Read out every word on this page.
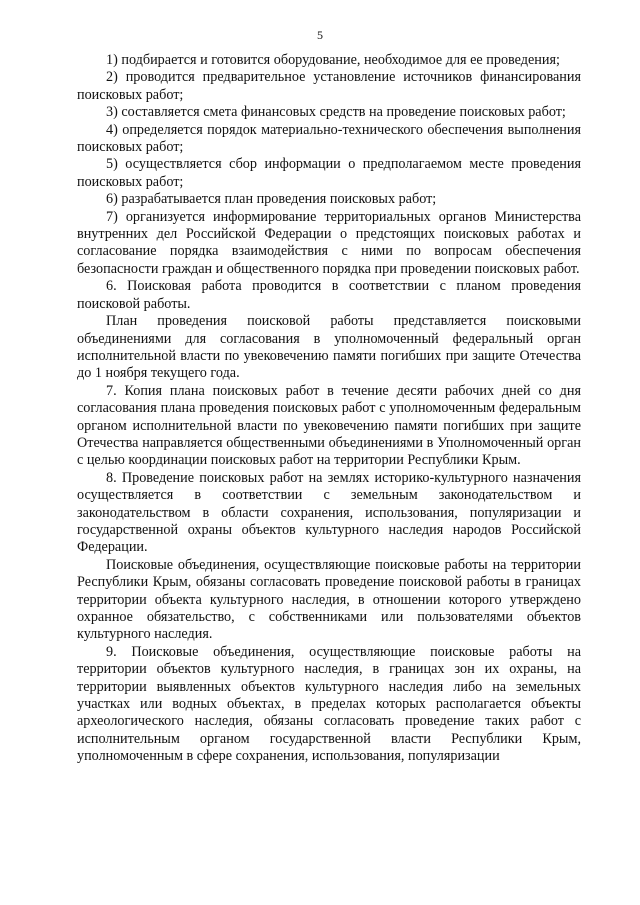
5

1) подбирается и готовится оборудование, необходимое для ее проведения;

2) проводится предварительное установление источников финансирования поисковых работ;

3) составляется смета финансовых средств на проведение поисковых работ;

4) определяется порядок материально-технического обеспечения выполнения поисковых работ;

5) осуществляется сбор информации о предполагаемом месте проведения поисковых работ;

6) разрабатывается план проведения поисковых работ;

7) организуется информирование территориальных органов Министерства внутренних дел Российской Федерации о предстоящих поисковых работах и согласование порядка взаимодействия с ними по вопросам обеспечения безопасности граждан и общественного порядка при проведении поисковых работ.

6. Поисковая работа проводится в соответствии с планом проведения поисковой работы.

План проведения поисковой работы представляется поисковыми объединениями для согласования в уполномоченный федеральный орган исполнительной власти по увековечению памяти погибших при защите Отечества до 1 ноября текущего года.

7. Копия плана поисковых работ в течение десяти рабочих дней со дня согласования плана проведения поисковых работ с уполномоченным федеральным органом исполнительной власти по увековечению памяти погибших при защите Отечества направляется общественными объединениями в Уполномоченный орган с целью координации поисковых работ на территории Республики Крым.

8. Проведение поисковых работ на землях историко-культурного назначения осуществляется в соответствии с земельным законодательством и законодательством в области сохранения, использования, популяризации и государственной охраны объектов культурного наследия народов Российской Федерации.

Поисковые объединения, осуществляющие поисковые работы на территории Республики Крым, обязаны согласовать проведение поисковой работы в границах территории объекта культурного наследия, в отношении которого утверждено охранное обязательство, с собственниками или пользователями объектов культурного наследия.

9. Поисковые объединения, осуществляющие поисковые работы на территории объектов культурного наследия, в границах зон их охраны, на территории выявленных объектов культурного наследия либо на земельных участках или водных объектах, в пределах которых располагается объекты археологического наследия, обязаны согласовать проведение таких работ с исполнительным органом государственной власти Республики Крым, уполномоченным в сфере сохранения, использования, популяризации
